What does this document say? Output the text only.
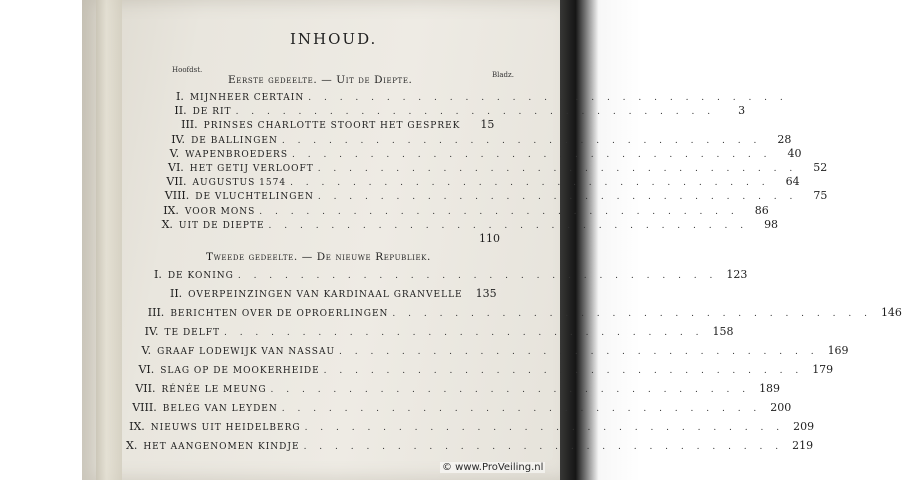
INHOUD.
Hoofdst.
Bladz.
Eerste gedeelte. — Uit de Diepte.
I. MIJNHEER CERTAIN . . . . . . . . . . . . . . . . . . . . . . . . . . . . . . .
II. DE RIT . . . . . . . . . . . . . . . . . . . . . . . . . . . . . . .	3
III. PRINSES CHARLOTTE STOORT HET GESPREK	15
IV. DE BALLINGEN . . . . . . . . . . . . . . . . . . . . . . . . . . . . . . .	28
V. WAPENBROEDERS . . . . . . . . . . . . . . . . . . . . . . . . . . . . . . .	40
VI. HET GETIJ VERLOOFT . . . . . . . . . . . . . . . . . . . . . . . . . . . . . . .	52
VII. AUGUSTUS 1574 . . . . . . . . . . . . . . . . . . . . . . . . . . . . . . .	64
VIII. DE VLUCHTELINGEN . . . . . . . . . . . . . . . . . . . . . . . . . . . . . . .	75
IX. VOOR MONS . . . . . . . . . . . . . . . . . . . . . . . . . . . . . . .	86
X. UIT DE DIEPTE . . . . . . . . . . . . . . . . . . . . . . . . . . . . . . .	98
110
Tweede gedeelte. — De nieuwe Republiek.
I. DE KONING . . . . . . . . . . . . . . . . . . . . . . . . . . . . . . . 123
II. OVERPEINZINGEN VAN KARDINAAL GRANVELLE	135
III. BERICHTEN OVER DE OPROERLINGEN . . . . . . . . . . . . . . . . . . . . . . . . . . . . . . . 146
IV. TE DELFT . . . . . . . . . . . . . . . . . . . . . . . . . . . . . . . 158
V. GRAAF LODEWIJK VAN NASSAU . . . . . . . . . . . . . . . . . . . . . . . . . . . . . . . 169
VI. SLAG OP DE MOOKERHEIDE . . . . . . . . . . . . . . . . . . . . . . . . . . . . . . . 179
VII. RÉNÉE LE MEUNG . . . . . . . . . . . . . . . . . . . . . . . . . . . . . . . 189
VIII. BELEG VAN LEYDEN . . . . . . . . . . . . . . . . . . . . . . . . . . . . . . . 200
IX. NIEUWS UIT HEIDELBERG . . . . . . . . . . . . . . . . . . . . . . . . . . . . . . . 209
X. HET AANGENOMEN KINDJE . . . . . . . . . . . . . . . . . . . . . . . . . . . . . . . 219
© www.ProVeiling.nl
